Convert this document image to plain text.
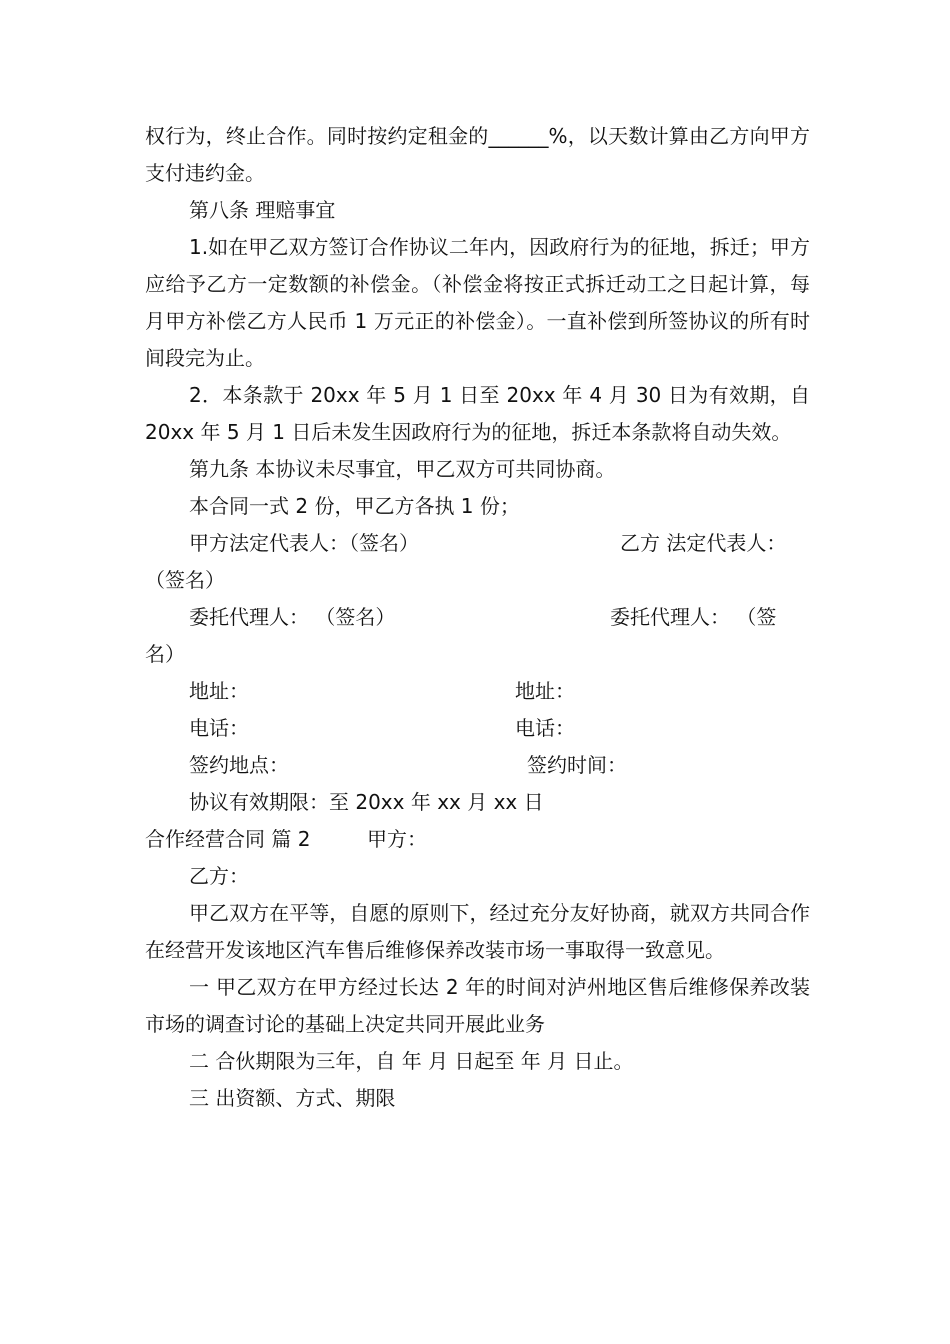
权行为，终止合作。同时按约定租金的______%，以天数计算由乙方向甲方支付违约金。
第八条 理赔事宜
1.如在甲乙双方签订合作协议二年内，因政府行为的征地，拆迁；甲方应给予乙方一定数额的补偿金。（补偿金将按正式拆迁动工之日起计算，每月甲方补偿乙方人民币 1 万元正的补偿金）。一直补偿到所签协议的所有时间段完为止。
2．本条款于 20xx 年 5 月 1 日至 20xx 年 4 月 30 日为有效期，自 20xx 年 5 月 1 日后未发生因政府行为的征地，拆迁本条款将自动失效。
第九条 本协议未尽事宜，甲乙双方可共同协商。
本合同一式 2 份，甲乙方各执 1 份；
甲方法定代表人：（签名）	乙方 法定代表人：
（签名）
委托代理人： （签名）	委托代理人： （签
名）
地址：	地址：
电话：	电话：
签约地点：	签约时间：
协议有效期限：至 20xx 年 xx 月 xx 日
合作经营合同 篇 2	甲方：
乙方：
甲乙双方在平等，自愿的原则下，经过充分友好协商，就双方共同合作在经营开发该地区汽车售后维修保养改装市场一事取得一致意见。
一 甲乙双方在甲方经过长达 2 年的时间对泸州地区售后维修保养改装市场的调查讨论的基础上决定共同开展此业务
二 合伙期限为三年，自 年 月 日起至 年 月 日止。
三 出资额、方式、期限
